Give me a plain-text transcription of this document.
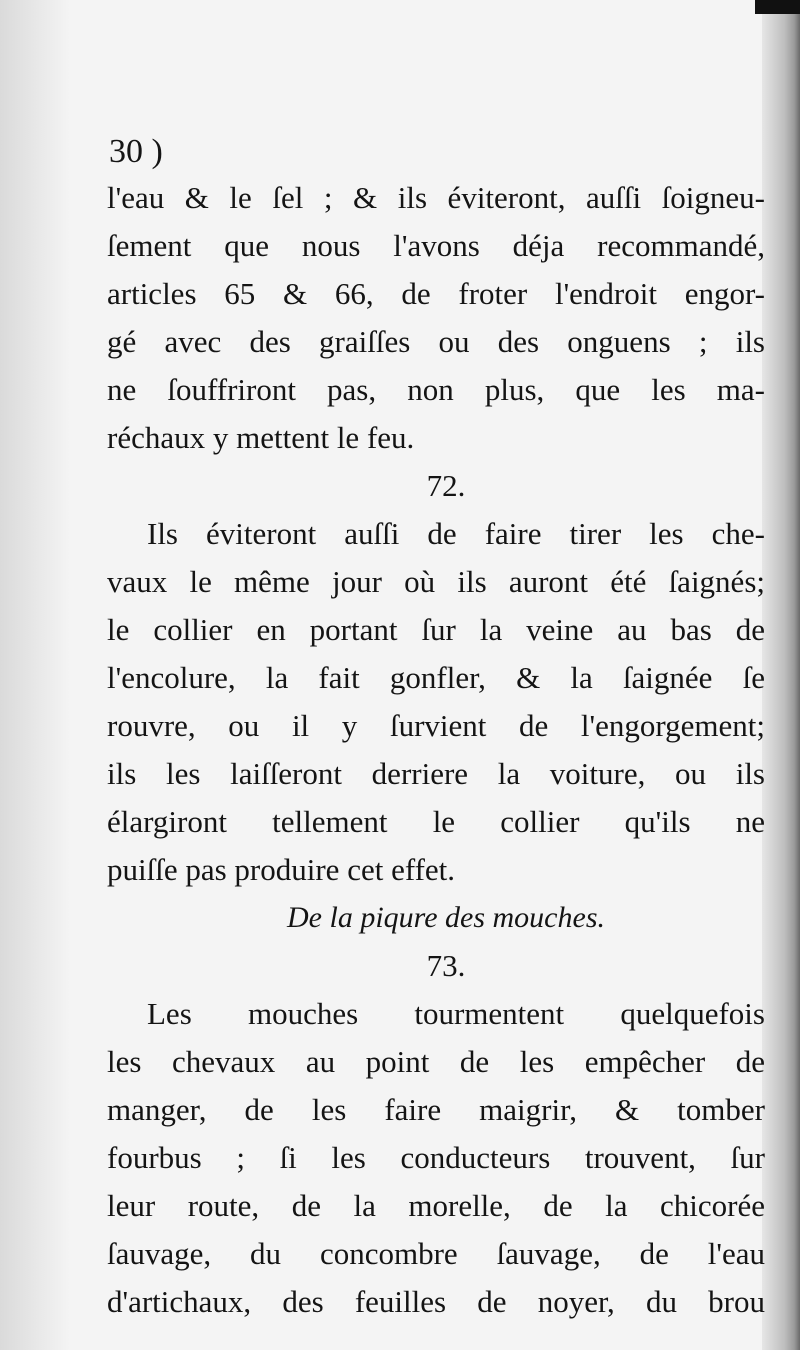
30 )
l'eau & le ſel ; & ils éviteront, auſſi ſoigneu-
ſement que nous l'avons déja recommandé,
articles 65 & 66, de froter l'endroit engor-
gé avec des graiſſes ou des onguens ; ils
ne ſouffriront pas, non plus, que les ma-
réchaux y mettent le feu.
72.
Ils éviteront auſſi de faire tirer les che-
vaux le même jour où ils auront été ſaignés;
le collier en portant ſur la veine au bas de
l'encolure, la fait gonfler, & la ſaignée ſe
rouvre, ou il y ſurvient de l'engorgement;
ils les laiſſeront derriere la voiture, ou ils
élargiront tellement le collier qu'ils ne
puiſſe pas produire cet effet.
De la piqure des mouches.
73.
Les mouches tourmentent quelquefois
les chevaux au point de les empêcher de
manger, de les faire maigrir, & tomber
fourbus ; ſi les conducteurs trouvent, ſur
leur route, de la morelle, de la chicorée
ſauvage, du concombre ſauvage, de l'eau
d'artichaux, des feuilles de noyer, du brou
